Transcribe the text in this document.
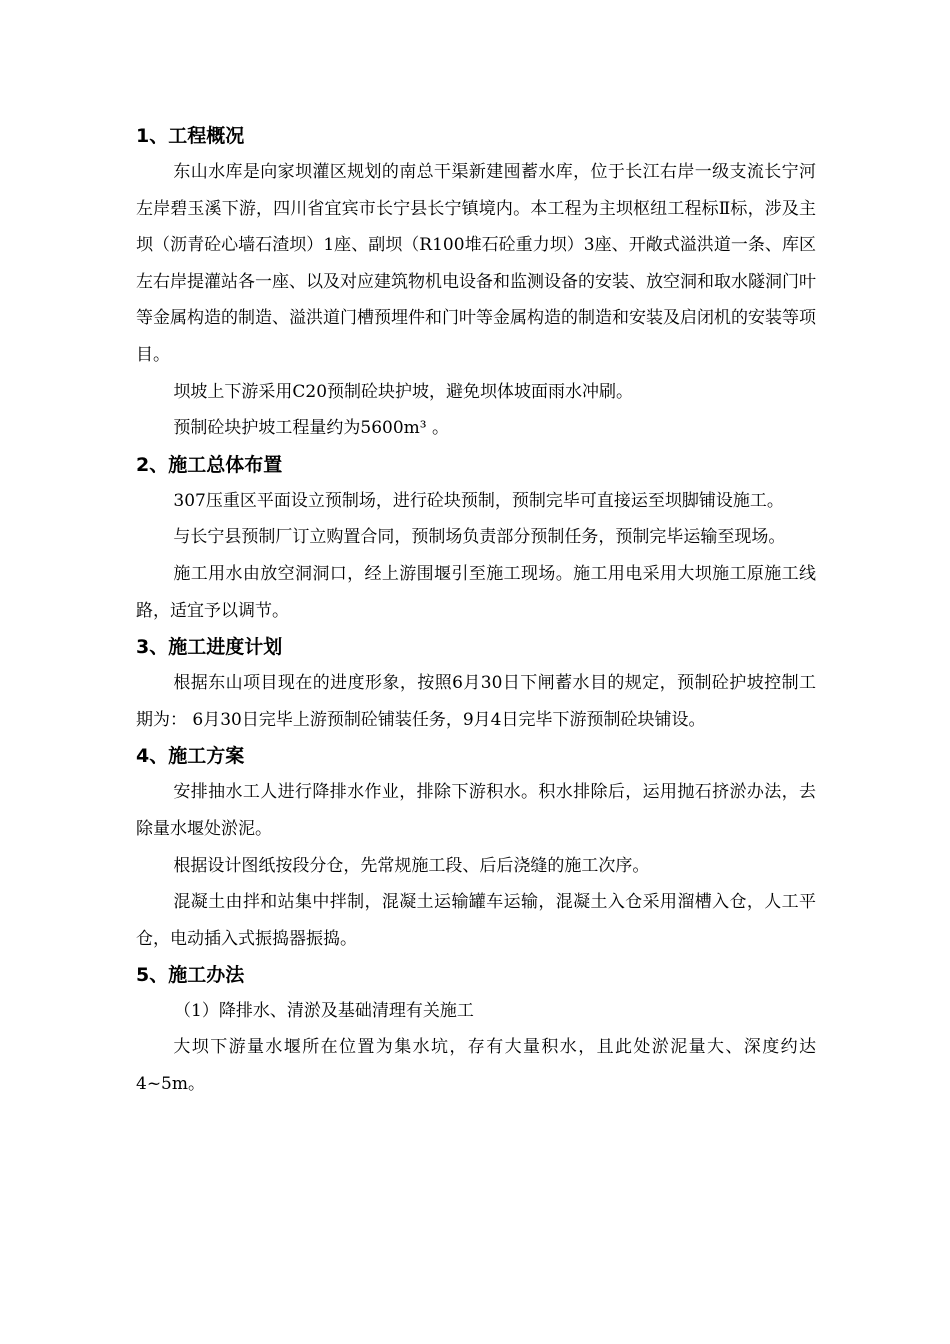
1、工程概况

东山水库是向家坝灌区规划的南总干渠新建囤蓄水库，位于长江右岸一级支流长宁河左岸碧玉溪下游，四川省宜宾市长宁县长宁镇境内。本工程为主坝枢纽工程标Ⅱ标，涉及主坝（沥青砼心墙石渣坝）1座、副坝（R100堆石砼重力坝）3座、开敞式溢洪道一条、库区左右岸提灌站各一座、以及对应建筑物机电设备和监测设备的安装、放空洞和取水隧洞门叶等金属构造的制造、溢洪道门槽预埋件和门叶等金属构造的制造和安装及启闭机的安装等项目。

坝坡上下游采用C20预制砼块护坡，避免坝体坡面雨水冲刷。

预制砼块护坡工程量约为5600m³ 。

2、施工总体布置

307压重区平面设立预制场，进行砼块预制，预制完毕可直接运至坝脚铺设施工。

与长宁县预制厂订立购置合同，预制场负责部分预制任务，预制完毕运输至现场。

施工用水由放空洞洞口，经上游围堰引至施工现场。施工用电采用大坝施工原施工线路，适宜予以调节。

3、施工进度计划

根据东山项目现在的进度形象，按照6月30日下闸蓄水目的规定，预制砼护坡控制工期为： 6月30日完毕上游预制砼铺装任务，9月4日完毕下游预制砼块铺设。

4、施工方案

安排抽水工人进行降排水作业，排除下游积水。积水排除后，运用抛石挤淤办法，去除量水堰处淤泥。

根据设计图纸按段分仓，先常规施工段、后后浇缝的施工次序。

混凝土由拌和站集中拌制，混凝土运输罐车运输，混凝土入仓采用溜槽入仓，人工平仓，电动插入式振捣器振捣。

5、施工办法

（1）降排水、清淤及基础清理有关施工

大坝下游量水堰所在位置为集水坑，存有大量积水，且此处淤泥量大、深度约达4~5m。
